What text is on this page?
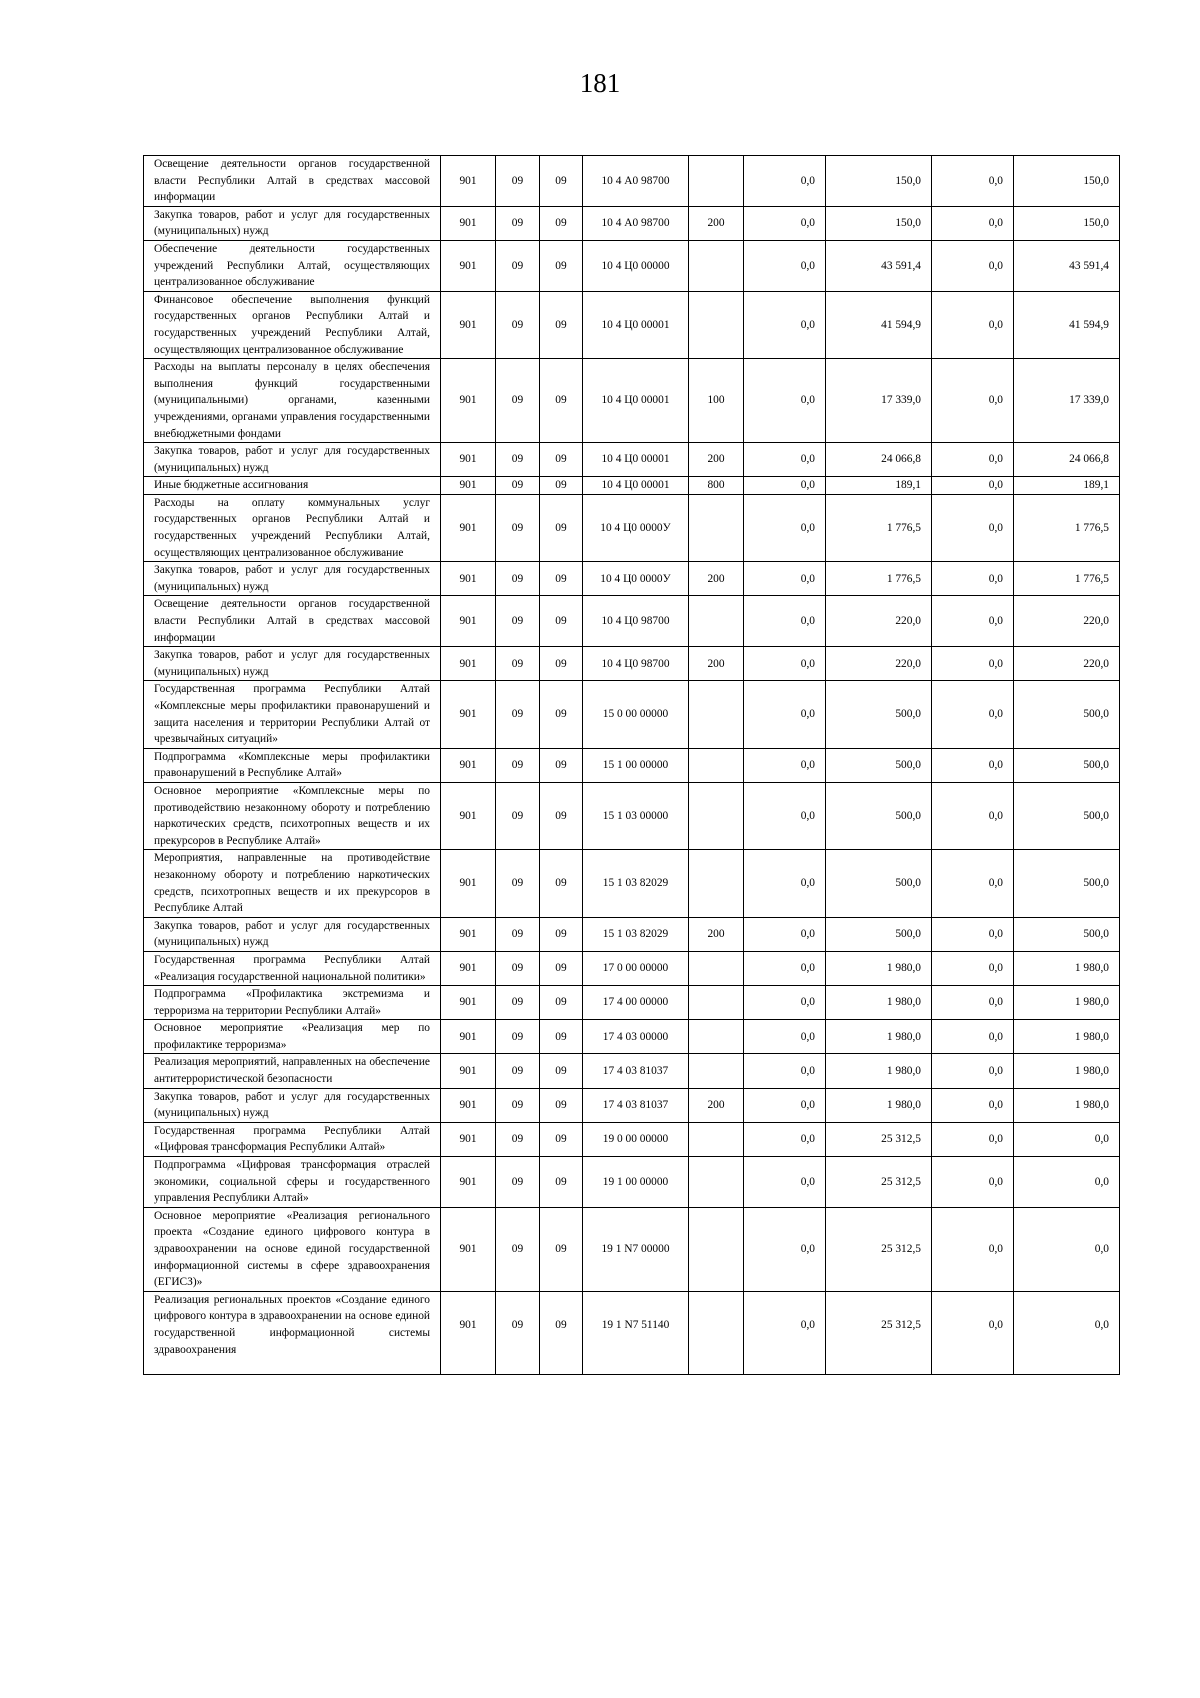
181
Освещение деятельности органов государственной власти Республики Алтай в средствах массовой информации	901	09	09	10 4 А0 98700		0,0	150,0	0,0	150,0
Закупка товаров, работ и услуг для государственных (муниципальных) нужд	901	09	09	10 4 А0 98700	200	0,0	150,0	0,0	150,0
Обеспечение деятельности государственных учреждений Республики Алтай, осуществляющих централизованное обслуживание	901	09	09	10 4 Ц0 00000		0,0	43 591,4	0,0	43 591,4
Финансовое обеспечение выполнения функций государственных органов Республики Алтай и государственных учреждений Республики Алтай, осуществляющих централизованное обслуживание	901	09	09	10 4 Ц0 00001		0,0	41 594,9	0,0	41 594,9
Расходы на выплаты персоналу в целях обеспечения выполнения функций государственными (муниципальными) органами, казенными учреждениями, органами управления государственными внебюджетными фондами	901	09	09	10 4 Ц0 00001	100	0,0	17 339,0	0,0	17 339,0
Закупка товаров, работ и услуг для государственных (муниципальных) нужд	901	09	09	10 4 Ц0 00001	200	0,0	24 066,8	0,0	24 066,8
Иные бюджетные ассигнования	901	09	09	10 4 Ц0 00001	800	0,0	189,1	0,0	189,1
Расходы на оплату коммунальных услуг государственных органов Республики Алтай и государственных учреждений Республики Алтай, осуществляющих централизованное обслуживание	901	09	09	10 4 Ц0 0000У		0,0	1 776,5	0,0	1 776,5
Закупка товаров, работ и услуг для государственных (муниципальных) нужд	901	09	09	10 4 Ц0 0000У	200	0,0	1 776,5	0,0	1 776,5
Освещение деятельности органов государственной власти Республики Алтай в средствах массовой информации	901	09	09	10 4 Ц0 98700		0,0	220,0	0,0	220,0
Закупка товаров, работ и услуг для государственных (муниципальных) нужд	901	09	09	10 4 Ц0 98700	200	0,0	220,0	0,0	220,0
Государственная программа Республики Алтай «Комплексные меры профилактики правонарушений и защита населения и территории Республики Алтай от чрезвычайных ситуаций»	901	09	09	15 0 00 00000		0,0	500,0	0,0	500,0
Подпрограмма «Комплексные меры профилактики правонарушений в Республике Алтай»	901	09	09	15 1 00 00000		0,0	500,0	0,0	500,0
Основное мероприятие «Комплексные меры по противодействию незаконному обороту и потреблению наркотических средств, психотропных веществ и их прекурсоров в Республике Алтай»	901	09	09	15 1 03 00000		0,0	500,0	0,0	500,0
Мероприятия, направленные на противодействие незаконному обороту и потреблению наркотических средств, психотропных веществ и их прекурсоров в Республике Алтай	901	09	09	15 1 03 82029		0,0	500,0	0,0	500,0
Закупка товаров, работ и услуг для государственных (муниципальных) нужд	901	09	09	15 1 03 82029	200	0,0	500,0	0,0	500,0
Государственная программа Республики Алтай «Реализация государственной национальной политики»	901	09	09	17 0 00 00000		0,0	1 980,0	0,0	1 980,0
Подпрограмма «Профилактика экстремизма и терроризма на территории Республики Алтай»	901	09	09	17 4 00 00000		0,0	1 980,0	0,0	1 980,0
Основное мероприятие «Реализация мер по профилактике терроризма»	901	09	09	17 4 03 00000		0,0	1 980,0	0,0	1 980,0
Реализация мероприятий, направленных на обеспечение антитеррористической безопасности	901	09	09	17 4 03 81037		0,0	1 980,0	0,0	1 980,0
Закупка товаров, работ и услуг для государственных (муниципальных) нужд	901	09	09	17 4 03 81037	200	0,0	1 980,0	0,0	1 980,0
Государственная программа Республики Алтай «Цифровая трансформация Республики Алтай»	901	09	09	19 0 00 00000		0,0	25 312,5	0,0	0,0
Подпрограмма «Цифровая трансформация отраслей экономики, социальной сферы и государственного управления Республики Алтай»	901	09	09	19 1 00 00000		0,0	25 312,5	0,0	0,0
Основное мероприятие «Реализация регионального проекта «Создание единого цифрового контура в здравоохранении на основе единой государственной информационной системы в сфере здравоохранения (ЕГИСЗ)»	901	09	09	19 1 N7 00000		0,0	25 312,5	0,0	0,0
Реализация региональных проектов «Создание единого цифрового контура в здравоохранении на основе единой государственной информационной системы здравоохранения	901	09	09	19 1 N7 51140		0,0	25 312,5	0,0	0,0
